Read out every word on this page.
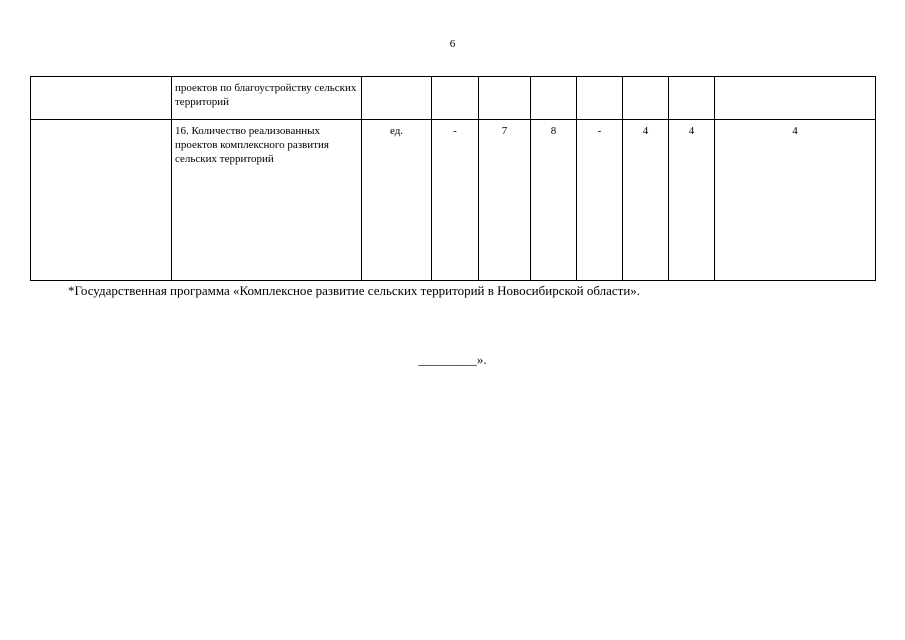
6
	проектов по благоустройству сельских территорий									
	16. Количество реализованных проектов комплексного развития сельских территорий	ед.	-	7	8	-	4	4	4	
*Государственная программа «Комплексное развитие сельских территорий в Новосибирской области».
_________».
